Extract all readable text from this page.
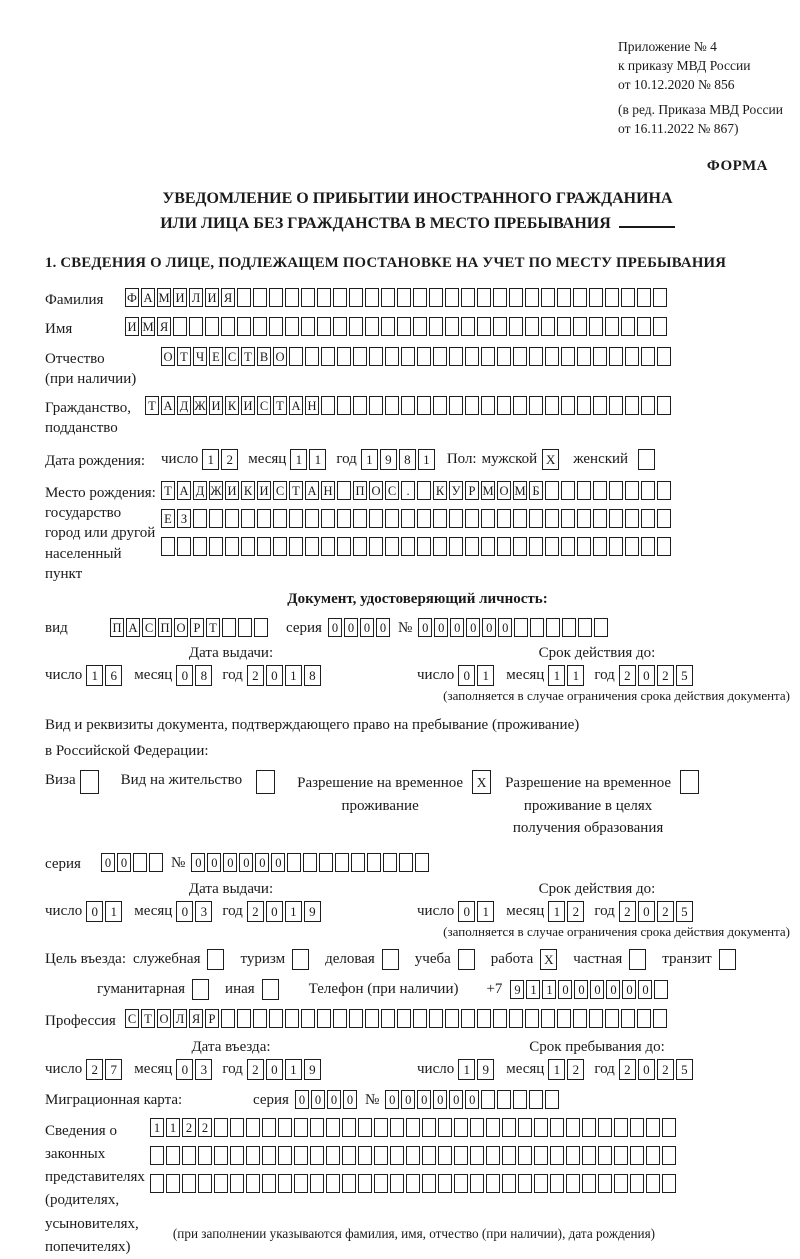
Приложение № 4
к приказу МВД России
от 10.12.2020 № 856
(в ред. Приказа МВД России
от 16.11.2022 № 867)
ФОРМА
УВЕДОМЛЕНИЕ О ПРИБЫТИИ ИНОСТРАННОГО ГРАЖДАНИНА
ИЛИ ЛИЦА БЕЗ ГРАЖДАНСТВА В МЕСТО ПРЕБЫВАНИЯ
1. СВЕДЕНИЯ О ЛИЦЕ, ПОДЛЕЖАЩЕМ ПОСТАНОВКЕ НА УЧЕТ ПО МЕСТУ ПРЕБЫВАНИЯ
Фамилия	Ф А М И Л И Я
Имя	И М Я
Отчество
(при наличии)
О Т Ч Е С Т В О
Гражданство,
подданство
Т А Д Ж И К И С Т А Н
Дата рождения:	число 1 2	месяц 1 1	год 1 9 8 1	Пол: мужской X	женский
Место рождения:
государство
город или другой
населенный пункт
Т А Д Ж И К И С Т А Н П О С . К У Р М О М Б
Е З
Документ, удостоверяющий личность:
вид	П А С П О Р Т	серия 0 0 0 0 № 0 0 0 0 0 0
Дата выдачи:
число 1 6	месяц 0 8	год 2 0 1 8
Срок действия до:
число 0 1	месяц 1 1	год 2 0 2 5
(заполняется в случае ограничения срока действия документа)
Вид и реквизиты документа, подтверждающего право на пребывание (проживание)
в Российской Федерации:
Виза	Вид на жительство	Разрешение на временное
проживание
X	Разрешение на временное
проживание в целях
получения образования
серия	0 0	№ 0 0 0 0 0 0
Дата выдачи:
число 0 1	месяц 0 3	год 2 0 1 9
Срок действия до:
число 0 1	месяц 1 2	год 2 0 2 5
(заполняется в случае ограничения срока действия документа)
Цель въезда: служебная	туризм	деловая	учеба	работа X	частная	транзит
гуманитарная	иная	Телефон (при наличии) +7 9 1 1 0 0 0 0 0 0
Профессия С Т О Л Я Р
Дата въезда:
число 2 7	месяц 0 3	год 2 0 1 9
Срок пребывания до:
число 1 9	месяц 1 2	год 2 0 2 5
Миграционная карта:	серия 0 0 0 0 № 0 0 0 0 0 0
Сведения о
законных
представителях
(родителях,
усыновителях,
попечителях)
1 1 2 2
(при заполнении указываются фамилия, имя, отчество (при наличии), дата рождения)
